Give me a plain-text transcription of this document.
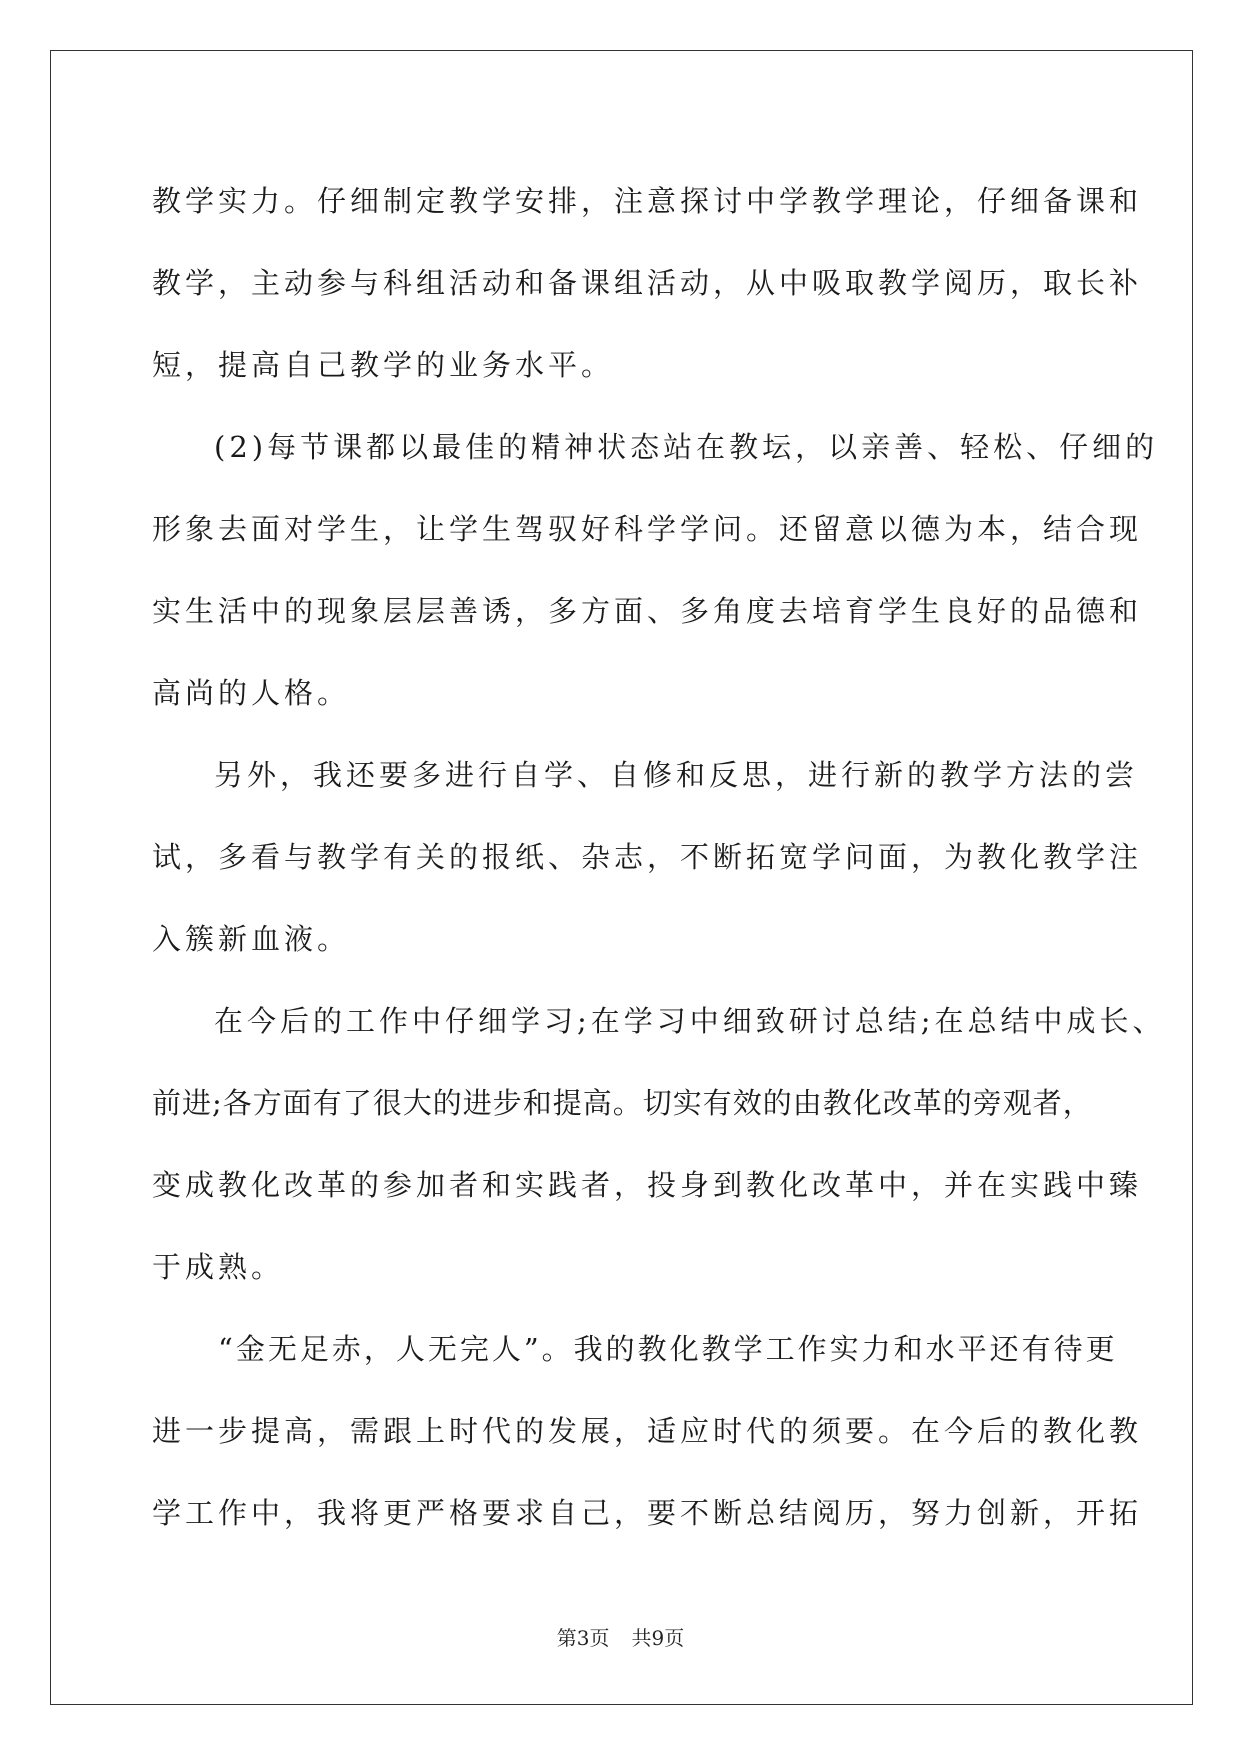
教学实力。仔细制定教学安排，注意探讨中学教学理论，仔细备课和
教学，主动参与科组活动和备课组活动，从中吸取教学阅历，取长补
短，提高自己教学的业务水平。
(2)每节课都以最佳的精神状态站在教坛，以亲善、轻松、仔细的
形象去面对学生，让学生驾驭好科学学问。还留意以德为本，结合现
实生活中的现象层层善诱，多方面、多角度去培育学生良好的品德和
高尚的人格。
另外，我还要多进行自学、自修和反思，进行新的教学方法的尝
试，多看与教学有关的报纸、杂志，不断拓宽学问面，为教化教学注
入簇新血液。
在今后的工作中仔细学习;在学习中细致研讨总结;在总结中成长、
前进;各方面有了很大的进步和提高。切实有效的由教化改革的旁观者，
变成教化改革的参加者和实践者，投身到教化改革中，并在实践中臻
于成熟。
“金无足赤，人无完人”。我的教化教学工作实力和水平还有待更
进一步提高，需跟上时代的发展，适应时代的须要。在今后的教化教
学工作中，我将更严格要求自己，要不断总结阅历，努力创新，开拓
第3页 共9页
